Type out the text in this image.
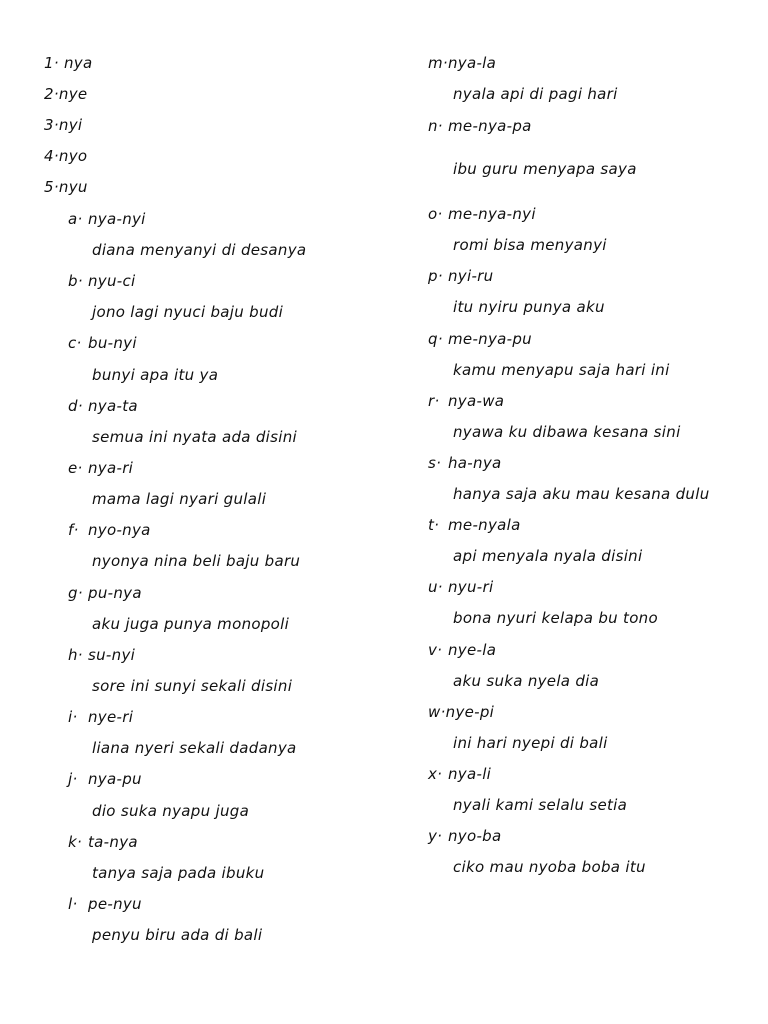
1· nya
2·nye
3·nyi
4·nyo
5·nyu
a· nya-nyi
diana menyanyi di desanya
b· nyu-ci
jono lagi nyuci baju budi
c· bu-nyi
bunyi apa itu ya
d· nya-ta
semua ini nyata ada disini
e· nya-ri
mama lagi nyari gulali
f· nyo-nya
nyonya nina beli baju baru
g· pu-nya
aku juga punya monopoli
h· su-nyi
sore ini sunyi sekali disini
i· nye-ri
liana nyeri sekali dadanya
j· nya-pu
dio suka nyapu juga
k· ta-nya
tanya saja pada ibuku
l· pe-nyu
penyu biru ada di bali
m·nya-la
nyala api di pagi hari
n· me-nya-pa
ibu guru menyapa saya
o· me-nya-nyi
romi bisa menyanyi
p· nyi-ru
itu nyiru punya aku
q· me-nya-pu
kamu menyapu saja hari ini
r· nya-wa
nyawa ku dibawa kesana sini
s· ha-nya
hanya saja aku mau kesana dulu
t· me-nyala
api menyala nyala disini
u· nyu-ri
bona nyuri kelapa bu tono
v· nye-la
aku suka nyela dia
w·nye-pi
ini hari nyepi di bali
x· nya-li
nyali kami selalu setia
y· nyo-ba
ciko mau nyoba boba itu
